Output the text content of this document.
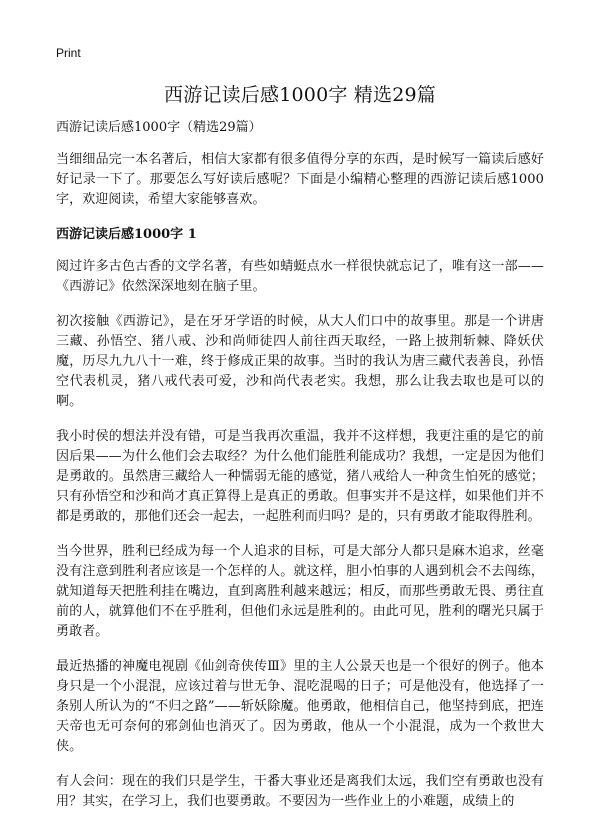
Print
西游记读后感1000字 精选29篇
西游记读后感1000字（精选29篇）

当细细品完一本名著后，相信大家都有很多值得分享的东西，是时候写一篇读后感好好记录一下了。那要怎么写好读后感呢？下面是小编精心整理的西游记读后感1000字，欢迎阅读，希望大家能够喜欢。

西游记读后感1000字 1

阅过许多古色古香的文学名著，有些如蜻蜓点水一样很快就忘记了，唯有这一部——《西游记》依然深深地刻在脑子里。

初次接触《西游记》，是在牙牙学语的时候，从大人们口中的故事里。那是一个讲唐三藏、孙悟空、猪八戒、沙和尚师徒四人前往西天取经，一路上披荆斩棘、降妖伏魔，历尽九九八十一难，终于修成正果的故事。当时的我认为唐三藏代表善良，孙悟空代表机灵，猪八戒代表可爱，沙和尚代表老实。我想，那么让我去取也是可以的啊。

我小时侯的想法并没有错，可是当我再次重温，我并不这样想，我更注重的是它的前因后果——为什么他们会去取经？为什么他们能胜利能成功？我想，一定是因为他们是勇敢的。虽然唐三藏给人一种懦弱无能的感觉，猪八戒给人一种贪生怕死的感觉；只有孙悟空和沙和尚才真正算得上是真正的勇敢。但事实并不是这样，如果他们并不都是勇敢的，那他们还会一起去，一起胜利而归吗？是的，只有勇敢才能取得胜利。

当今世界，胜利已经成为每一个人追求的目标，可是大部分人都只是麻木追求，丝毫没有注意到胜利者应该是一个怎样的人。就这样，胆小怕事的人遇到机会不去闯练，就知道每天把胜利挂在嘴边，直到离胜利越来越远；相反，而那些勇敢无畏、勇往直前的人，就算他们不在乎胜利，但他们永远是胜利的。由此可见，胜利的曙光只属于勇敢者。

最近热播的神魔电视剧《仙剑奇侠传Ⅲ》里的主人公景天也是一个很好的例子。他本身只是一个小混混，应该过着与世无争、混吃混喝的日子；可是他没有，他选择了一条别人所认为的“不归之路”——斩妖除魔。他勇敢，他相信自己，他坚持到底，把连天帝也无可奈何的邪剑仙也消灭了。因为勇敢，他从一个小混混，成为一个救世大侠。

有人会问：现在的我们只是学生，干番大事业还是离我们太远，我们空有勇敢也没有用？其实，在学习上，我们也要勇敢。不要因为一些作业上的小难题，成绩上的
